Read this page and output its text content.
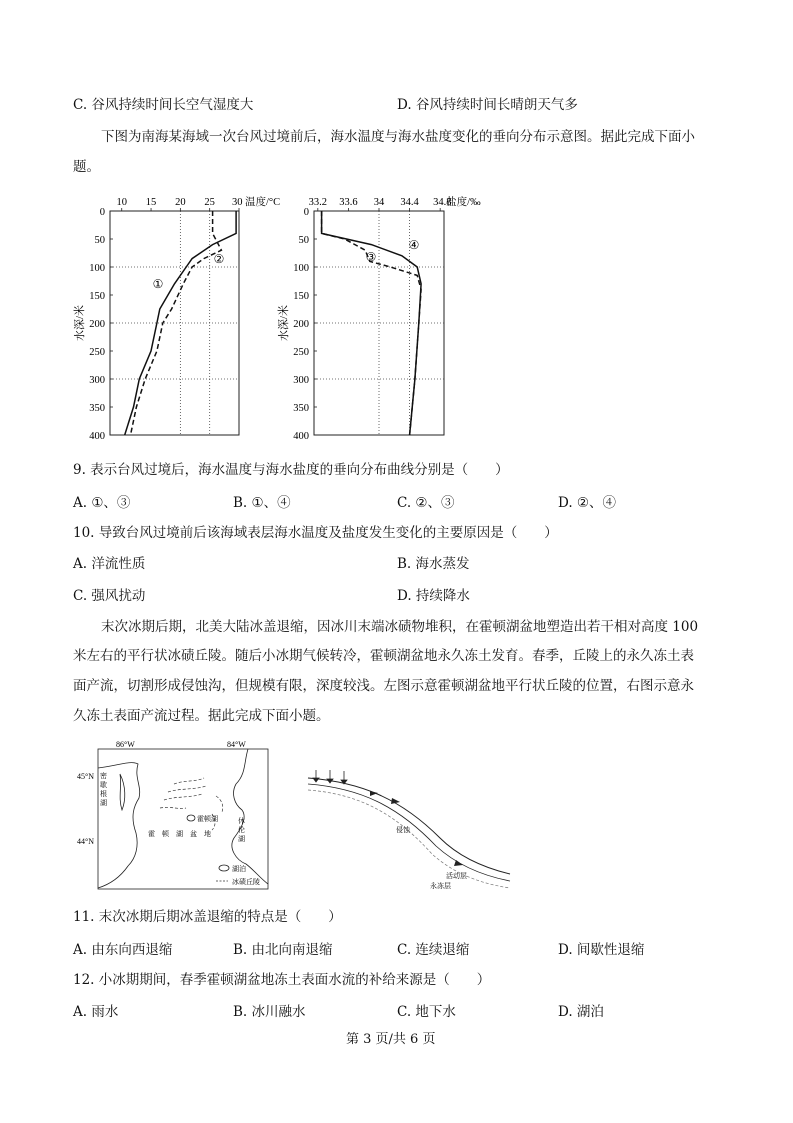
C. 谷风持续时间长空气湿度大	D. 谷风持续时间长晴朗天气多
下图为南海某海域一次台风过境前后，海水温度与海水盐度变化的垂向分布示意图。据此完成下面小
题。
10 15 20 25 30 温度/°C
0
50
100
150
200
250
300
350
400
水深/米
①
②
33.2 33.6 34 34.4 34.8
盐度/‰
0
50
100
150
200
250
300
350
400
水深/米
③
④
9. 表示台风过境后，海水温度与海水盐度的垂向分布曲线分别是（　　）
A. ①、③	B. ①、④	C. ②、③	D. ②、④
10. 导致台风过境前后该海域表层海水温度及盐度发生变化的主要原因是（　　）
A. 洋流性质	B. 海水蒸发
C. 强风扰动	D. 持续降水
末次冰期后期，北美大陆冰盖退缩，因冰川末端冰碛物堆积，在霍顿湖盆地塑造出若干相对高度 100
米左右的平行状冰碛丘陵。随后小冰期气候转冷，霍顿湖盆地永久冻土发育。春季，丘陵上的永久冻土表
面产流，切割形成侵蚀沟，但规模有限，深度较浅。左图示意霍顿湖盆地平行状丘陵的位置，右图示意永
久冻土表面产流过程。据此完成下面小题。
86°W	84°W
45°N
44°N
密
歇
根
湖
休
伦
湖
霍顿湖
霍　顿　湖　盆　地
湖泊
冰碛丘陵
侵蚀
活动层
永冻层
11. 末次冰期后期冰盖退缩的特点是（　　）
A. 由东向西退缩	B. 由北向南退缩	C. 连续退缩	D. 间歇性退缩
12. 小冰期期间，春季霍顿湖盆地冻土表面水流的补给来源是（　　）
A. 雨水	B. 冰川融水	C. 地下水	D. 湖泊
第 3 页/共 6 页
